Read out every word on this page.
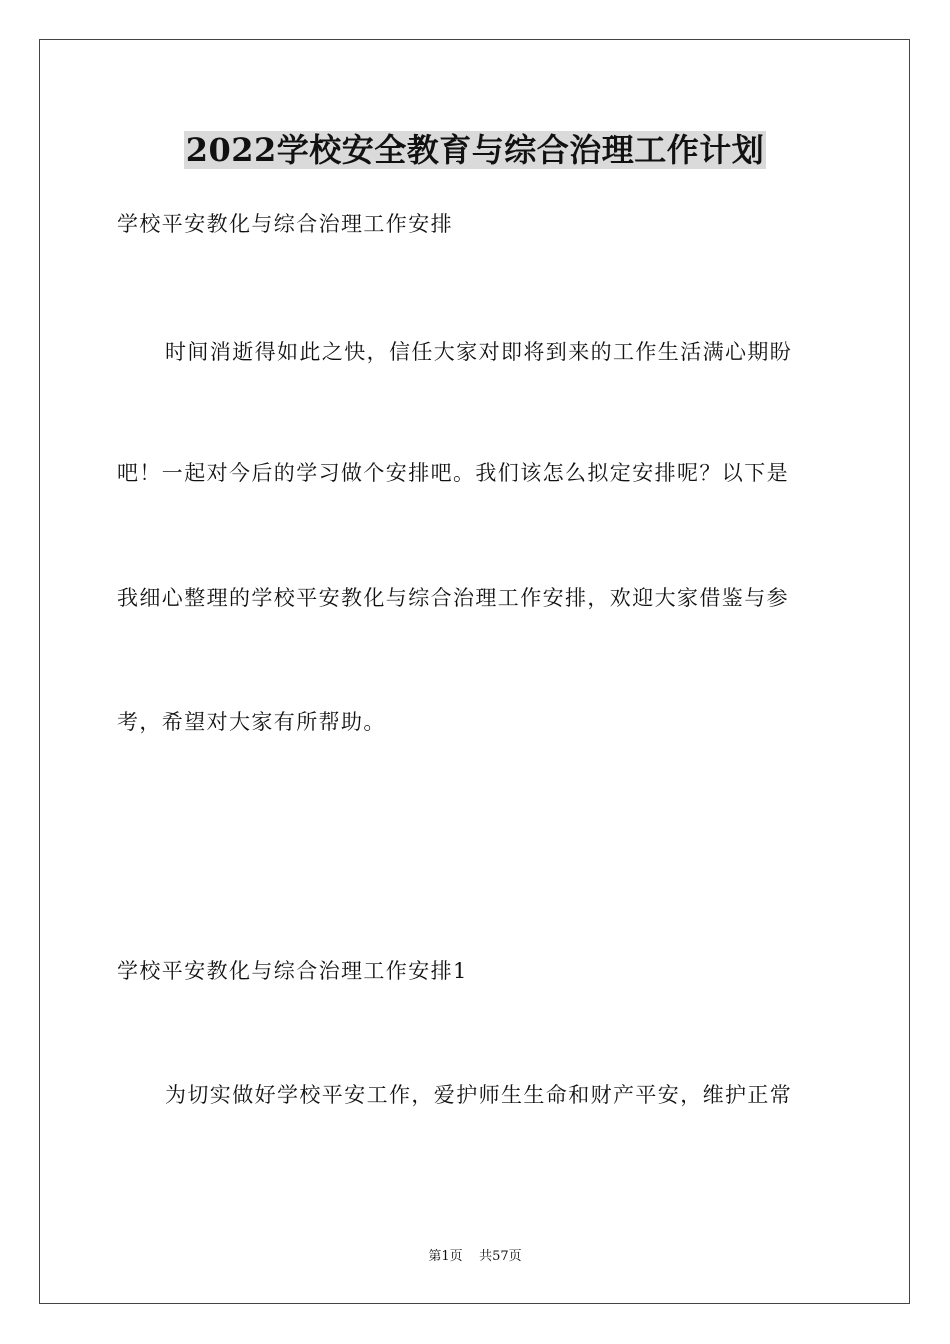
2022学校安全教育与综合治理工作计划
学校平安教化与综合治理工作安排
时间消逝得如此之快，信任大家对即将到来的工作生活满心期盼
吧！一起对今后的学习做个安排吧。我们该怎么拟定安排呢？以下是
我细心整理的学校平安教化与综合治理工作安排，欢迎大家借鉴与参
考，希望对大家有所帮助。
学校平安教化与综合治理工作安排1
为切实做好学校平安工作，爱护师生生命和财产平安，维护正常
第1页    共57页
